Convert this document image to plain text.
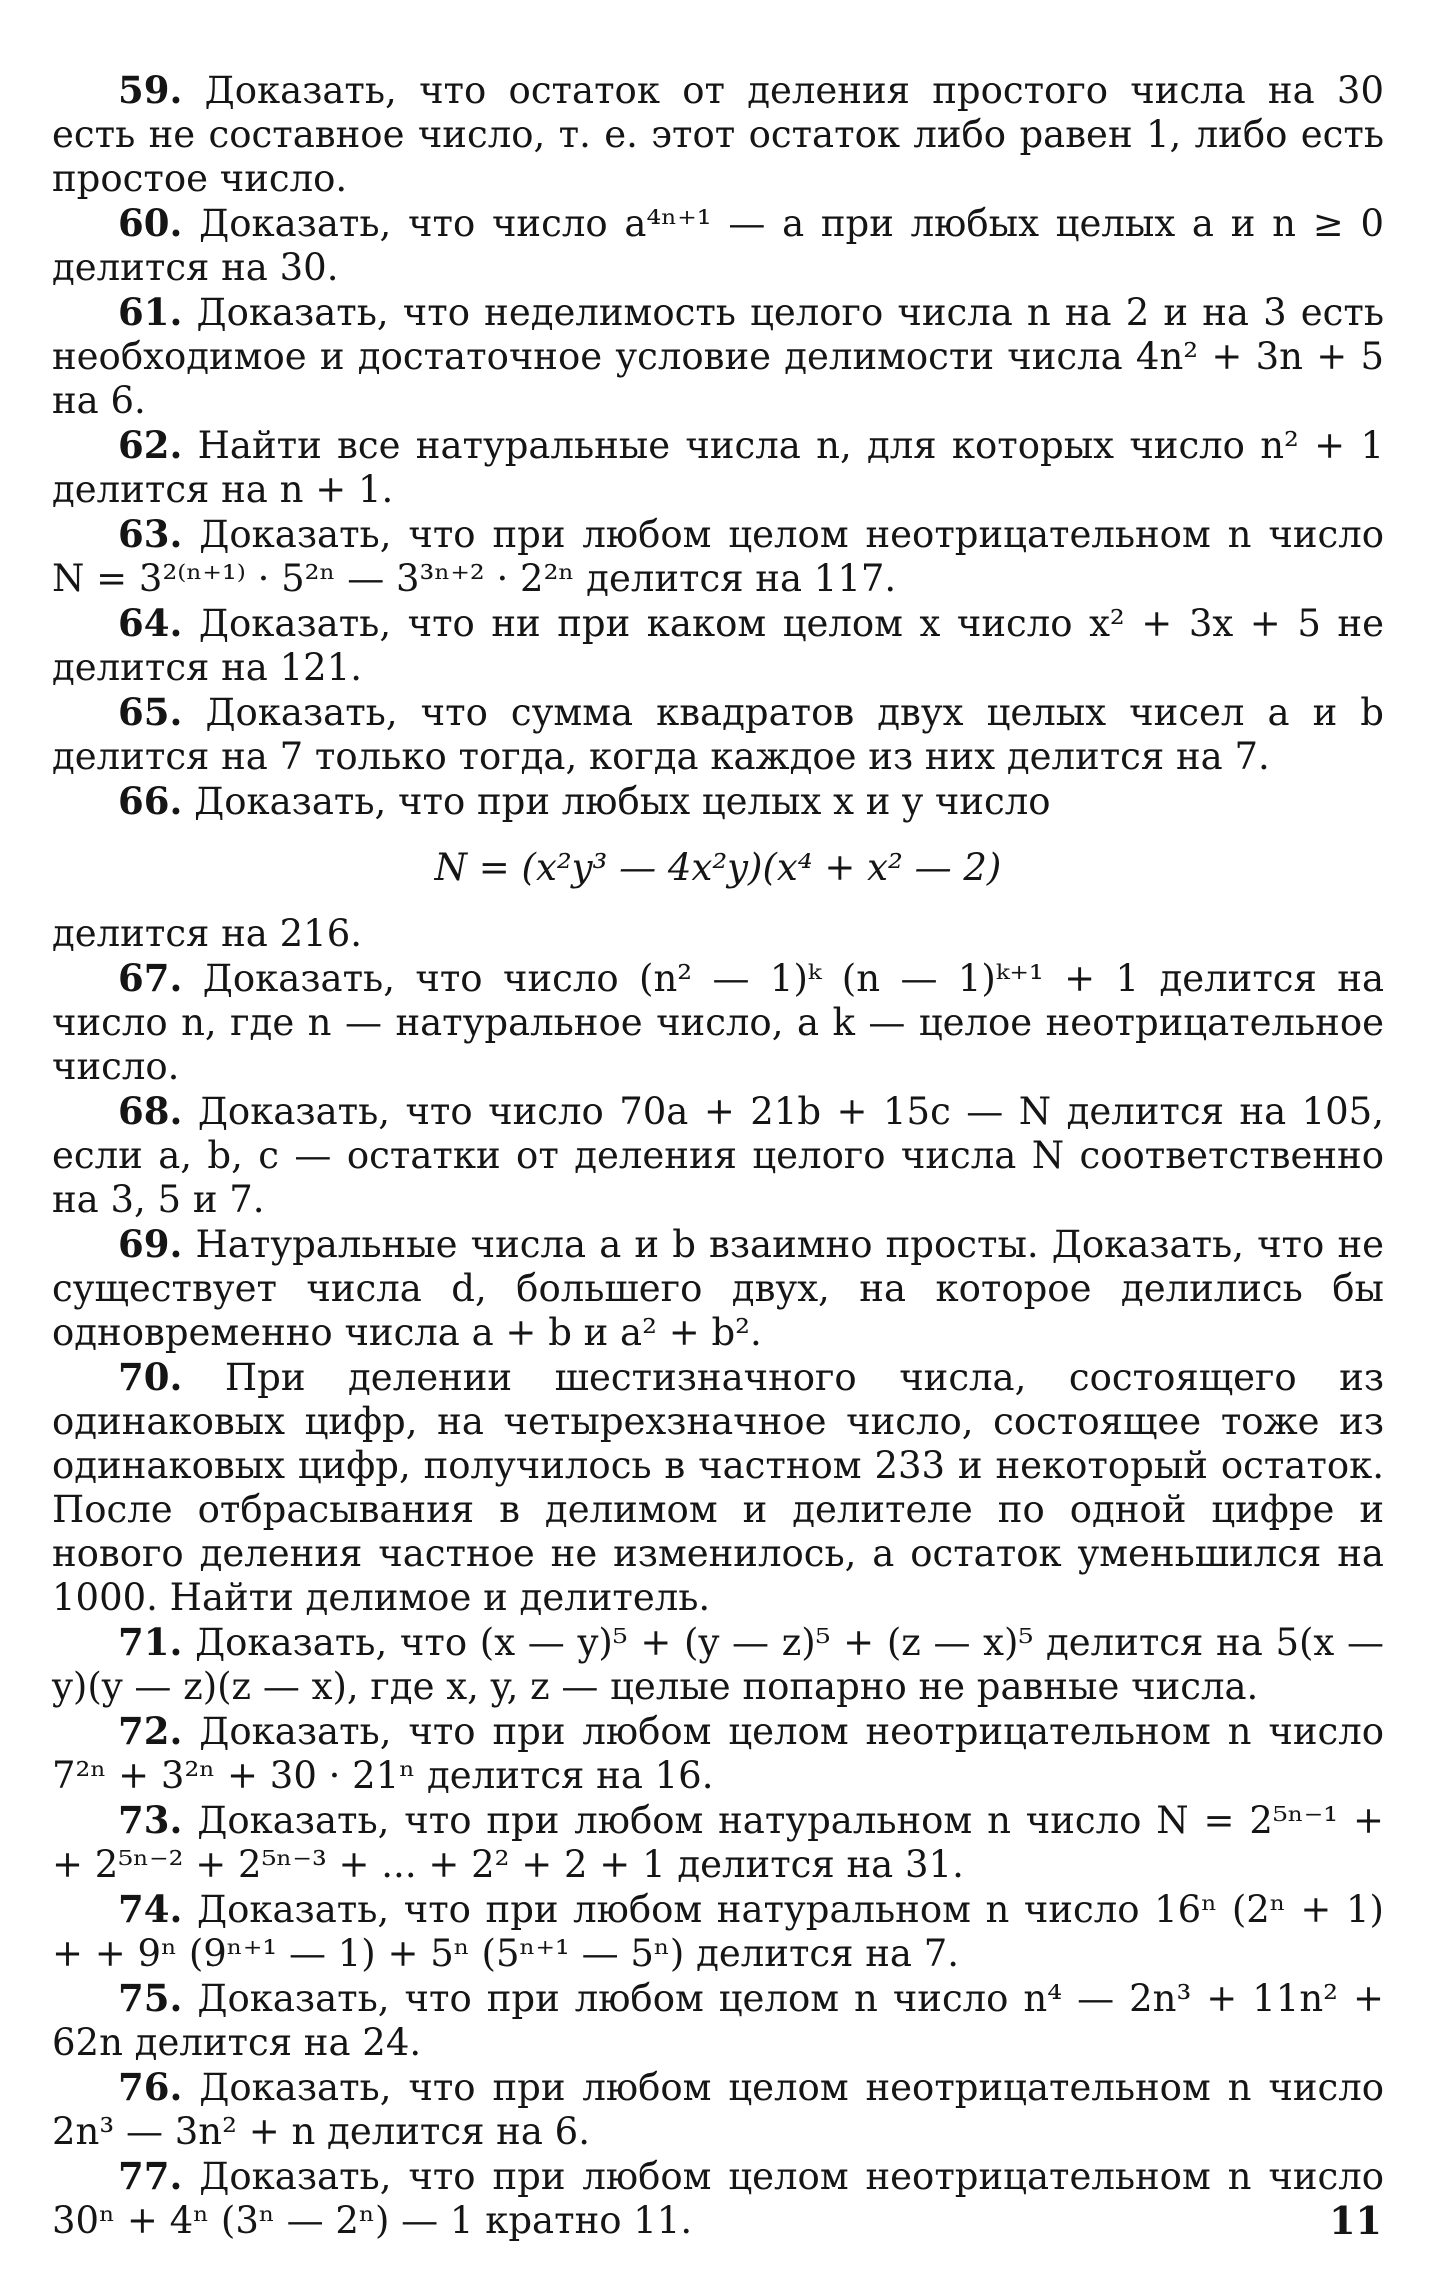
59. Доказать, что остаток от деления простого числа на 30 есть не составное число, т. е. этот остаток либо равен 1, либо есть простое число.

60. Доказать, что число a⁴ⁿ⁺¹ — a при любых целых a и n ≥ 0 делится на 30.

61. Доказать, что неделимость целого числа n на 2 и на 3 есть необходимое и достаточное условие делимости числа 4n² + 3n + 5 на 6.

62. Найти все натуральные числа n, для которых число n² + 1 делится на n + 1.

63. Доказать, что при любом целом неотрицательном n число N = 3²⁽ⁿ⁺¹⁾ · 5²ⁿ — 3³ⁿ⁺² · 2²ⁿ делится на 117.

64. Доказать, что ни при каком целом x число x² + 3x + 5 не делится на 121.

65. Доказать, что сумма квадратов двух целых чисел a и b делится на 7 только тогда, когда каждое из них делится на 7.

66. Доказать, что при любых целых x и y число

N = (x²y³ — 4x²y)(x⁴ + x² — 2)

делится на 216.

67. Доказать, что число (n² — 1)ᵏ (n — 1)ᵏ⁺¹ + 1 делится на число n, где n — натуральное число, а k — целое неотрицательное число.

68. Доказать, что число 70a + 21b + 15c — N делится на 105, если a, b, c — остатки от деления целого числа N соответственно на 3, 5 и 7.

69. Натуральные числа a и b взаимно просты. Доказать, что не существует числа d, большего двух, на которое делились бы одновременно числа a + b и a² + b².

70. При делении шестизначного числа, состоящего из одинаковых цифр, на четырехзначное число, состоящее тоже из одинаковых цифр, получилось в частном 233 и некоторый остаток. После отбрасывания в делимом и делителе по одной цифре и нового деления частное не изменилось, а остаток уменьшился на 1000. Найти делимое и делитель.

71. Доказать, что (x — y)⁵ + (y — z)⁵ + (z — x)⁵ делится на 5(x — y)(y — z)(z — x), где x, y, z — целые попарно не равные числа.

72. Доказать, что при любом целом неотрицательном n число 7²ⁿ + 3²ⁿ + 30 · 21ⁿ делится на 16.

73. Доказать, что при любом натуральном n число N = 2⁵ⁿ⁻¹ + + 2⁵ⁿ⁻² + 2⁵ⁿ⁻³ + ... + 2² + 2 + 1 делится на 31.

74. Доказать, что при любом натуральном n число 16ⁿ (2ⁿ + 1) + + 9ⁿ (9ⁿ⁺¹ — 1) + 5ⁿ (5ⁿ⁺¹ — 5ⁿ) делится на 7.

75. Доказать, что при любом целом n число n⁴ — 2n³ + 11n² + 62n делится на 24.

76. Доказать, что при любом целом неотрицательном n число 2n³ — 3n² + n делится на 6.

77. Доказать, что при любом целом неотрицательном n число 30ⁿ + 4ⁿ (3ⁿ — 2ⁿ) — 1 кратно 11.	11
